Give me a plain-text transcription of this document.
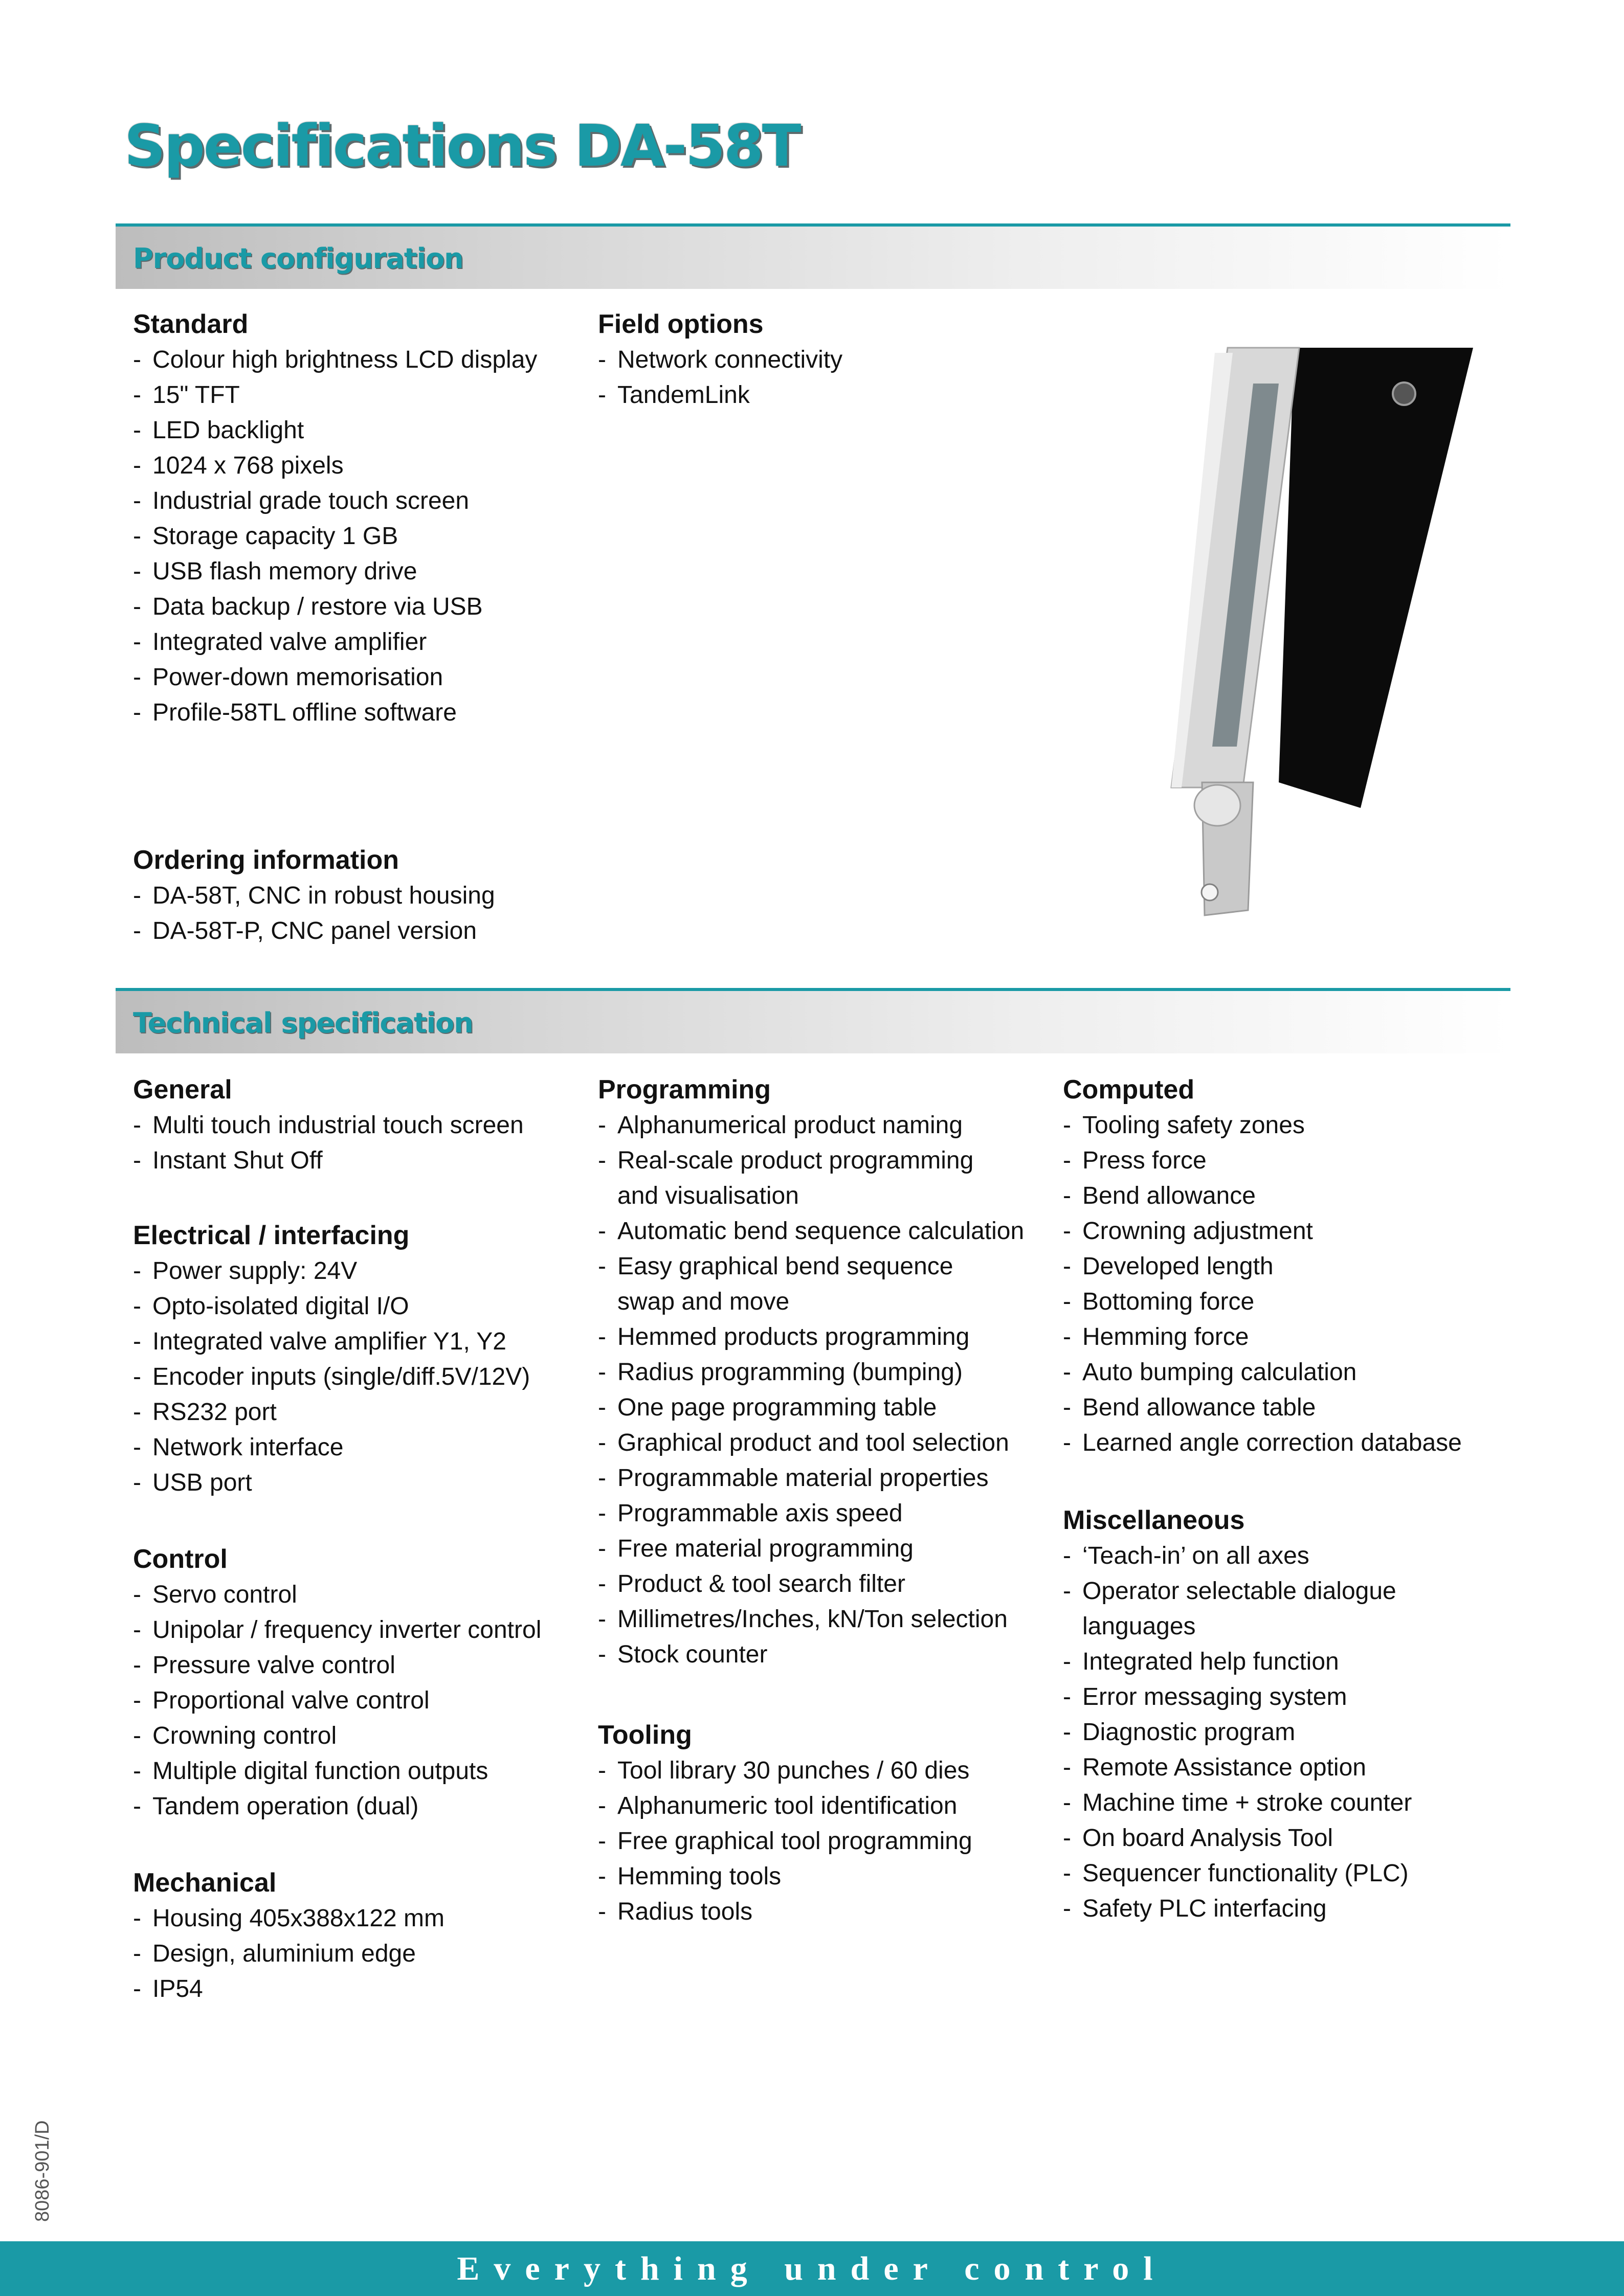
Specifications DA-58T
Product configuration
Standard
- Colour high brightness LCD display
- 15" TFT
- LED backlight
- 1024 x 768 pixels
- Industrial grade touch screen
- Storage capacity 1 GB
- USB flash memory drive
- Data backup / restore via USB
- Integrated valve amplifier
- Power-down memorisation
- Profile-58TL offline software
Field options
- Network connectivity
- TandemLink
Ordering information
- DA-58T, CNC in robust housing
- DA-58T-P, CNC panel version
Technical specification
General
- Multi touch industrial touch screen
- Instant Shut Off
Electrical / interfacing
- Power supply: 24V
- Opto-isolated digital I/O
- Integrated valve amplifier Y1, Y2
- Encoder inputs (single/diff.5V/12V)
- RS232 port
- Network interface
- USB port
Control
- Servo control
- Unipolar / frequency inverter control
- Pressure valve control
- Proportional valve control
- Crowning control
- Multiple digital function outputs
- Tandem operation (dual)
Mechanical
- Housing 405x388x122 mm
- Design, aluminium edge
- IP54
Programming
- Alphanumerical product naming
- Real-scale product programming
and visualisation
- Automatic bend sequence calculation
- Easy graphical bend sequence
swap and move
- Hemmed products programming
- Radius programming (bumping)
- One page programming table
- Graphical product and tool selection
- Programmable material properties
- Programmable axis speed
- Free material programming
- Product & tool search filter
- Millimetres/Inches, kN/Ton selection
- Stock counter
Tooling
- Tool library 30 punches / 60 dies
- Alphanumeric tool identification
- Free graphical tool programming
- Hemming tools
- Radius tools
Computed
- Tooling safety zones
- Press force
- Bend allowance
- Crowning adjustment
- Developed length
- Bottoming force
- Hemming force
- Auto bumping calculation
- Bend allowance table
- Learned angle correction database
Miscellaneous
- ‘Teach-in’ on all axes
- Operator selectable dialogue
languages
- Integrated help function
- Error messaging system
- Diagnostic program
- Remote Assistance option
- Machine time + stroke counter
- On board Analysis Tool
- Sequencer functionality (PLC)
- Safety PLC interfacing
8086-901/D
Everything under control
